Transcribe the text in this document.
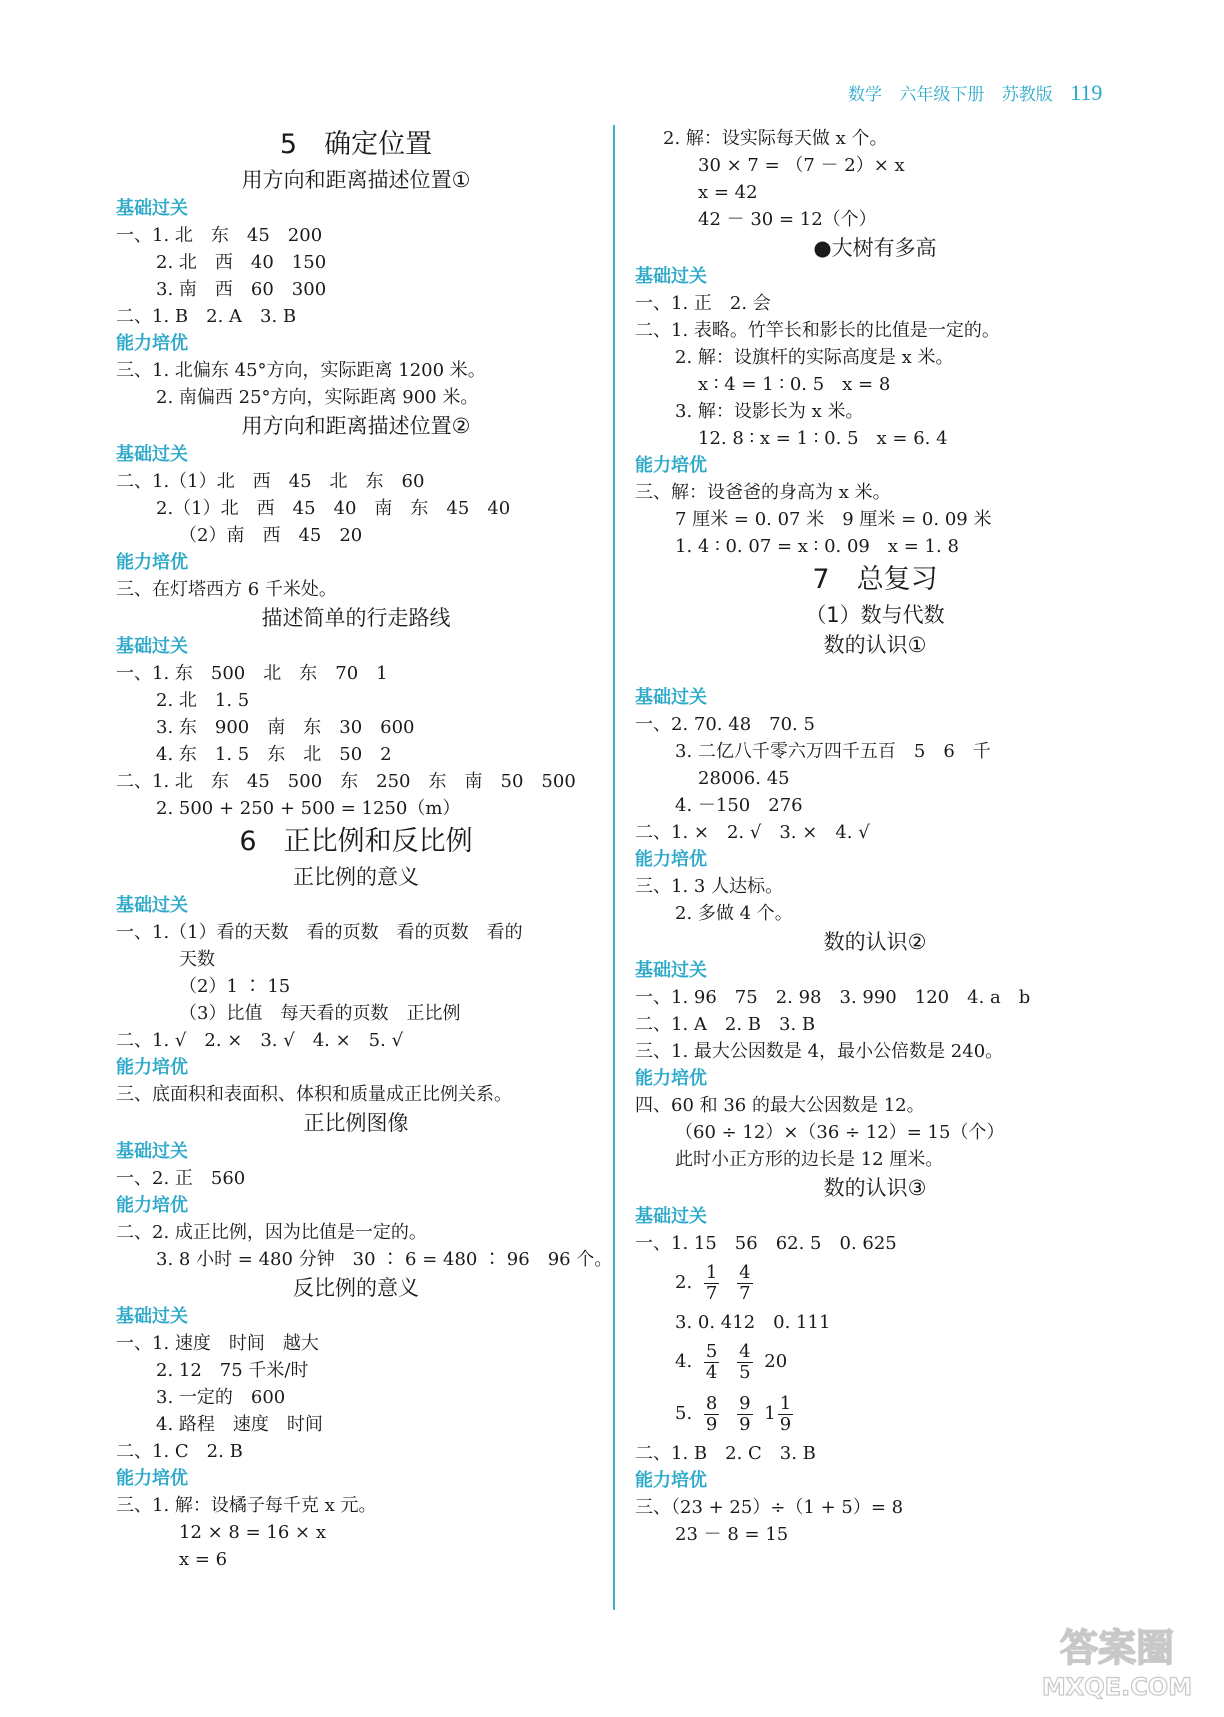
数学 六年级下册 苏教版 119
5　确定位置
用方向和距离描述位置①
基础过关
一、1. 北　东　45　200
2. 北　西　40　150
3. 南　西　60　300
二、1. B　2. A　3. B
能力培优
三、1. 北偏东 45°方向，实际距离 1200 米。
2. 南偏西 25°方向，实际距离 900 米。
用方向和距离描述位置②
基础过关
二、1.（1）北　西　45　北　东　60
2.（1）北　西　45　40　南　东　45　40
（2）南　西　45　20
能力培优
三、在灯塔西方 6 千米处。
描述简单的行走路线
基础过关
一、1. 东　500　北　东　70　1
2. 北　1. 5
3. 东　900　南　东　30　600
4. 东　1. 5　东　北　50　2
二、1. 北　东　45　500　东　250　东　南　50　500
2. 500 + 250 + 500 = 1250（m）
6　正比例和反比例
正比例的意义
基础过关
一、1.（1）看的天数　看的页数　看的页数　看的
天数
（2）1 ∶ 15
（3）比值　每天看的页数　正比例
二、1. √　2. ×　3. √　4. ×　5. √
能力培优
三、底面积和表面积、体积和质量成正比例关系。
正比例图像
基础过关
一、2. 正　560
能力培优
二、2. 成正比例，因为比值是一定的。
3. 8 小时 = 480 分钟　30 ∶ 6 = 480 ∶ 96　96 个。
反比例的意义
基础过关
一、1. 速度　时间　越大
2. 12　75 千米/时
3. 一定的　600
4. 路程　速度　时间
二、1. C　2. B
能力培优
三、1. 解：设橘子每千克 x 元。
12 × 8 = 16 × x
x = 6
2. 解：设实际每天做 x 个。
30 × 7 = （7 － 2）× x
x = 42
42 － 30 = 12（个）
●大树有多高
基础过关
一、1. 正　2. 会
二、1. 表略。竹竿长和影长的比值是一定的。
2. 解：设旗杆的实际高度是 x 米。
x ∶ 4 = 1 ∶ 0. 5　x = 8
3. 解：设影长为 x 米。
12. 8 ∶ x = 1 ∶ 0. 5　x = 6. 4
能力培优
三、解：设爸爸的身高为 x 米。
7 厘米 = 0. 07 米　9 厘米 = 0. 09 米
1. 4 ∶ 0. 07 = x ∶ 0. 09　x = 1. 8
7　总复习
（1）数与代数
数的认识①
基础过关
一、2. 70. 48　70. 5
3. 二亿八千零六万四千五百　5　6　千
28006. 45
4. －150　276
二、1. ×　2. √　3. ×　4. √
能力培优
三、1. 3 人达标。
2. 多做 4 个。
数的认识②
基础过关
一、1. 96　75　2. 98　3. 990　120　4. a　b
二、1. A　2. B　3. B
三、1. 最大公因数是 4，最小公倍数是 240。
能力培优
四、60 和 36 的最大公因数是 12。
（60 ÷ 12）×（36 ÷ 12）= 15（个）
此时小正方形的边长是 12 厘米。
数的认识③
基础过关
一、1. 15　56　62. 5　0. 625
2. $\frac{1}{7}$
$\frac{4}{7}$
3. 0. 412　0. 111
4. $\frac{5}{4}$
$\frac{4}{5} 20$
5. $\frac{8}{9}$
$\frac{9}{9} 1 \frac{1}{9}$
二、1. B　2. C　3. B
能力培优
三、（23 + 25）÷（1 + 5）= 8
23 － 8 = 15
答案圈
MXQE.COM
